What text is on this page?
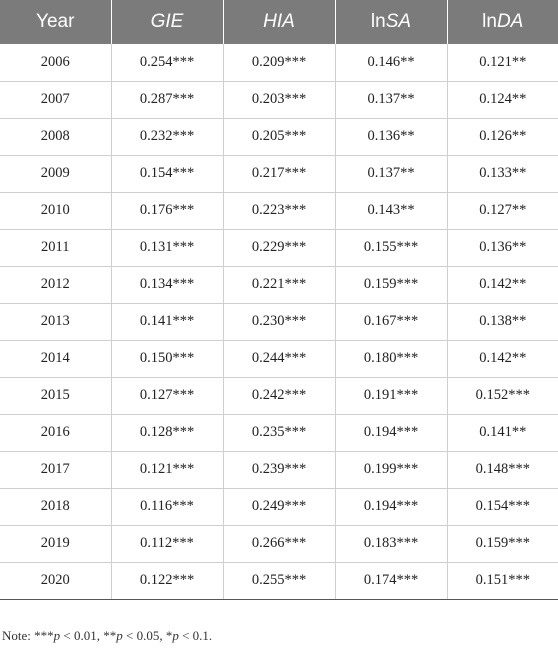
Year	GIE	HIA	lnSA	lnDA
2006	0.254***	0.209***	0.146**	0.121**
2007	0.287***	0.203***	0.137**	0.124**
2008	0.232***	0.205***	0.136**	0.126**
2009	0.154***	0.217***	0.137**	0.133**
2010	0.176***	0.223***	0.143**	0.127**
2011	0.131***	0.229***	0.155***	0.136**
2012	0.134***	0.221***	0.159***	0.142**
2013	0.141***	0.230***	0.167***	0.138**
2014	0.150***	0.244***	0.180***	0.142**
2015	0.127***	0.242***	0.191***	0.152***
2016	0.128***	0.235***	0.194***	0.141**
2017	0.121***	0.239***	0.199***	0.148***
2018	0.116***	0.249***	0.194***	0.154***
2019	0.112***	0.266***	0.183***	0.159***
2020	0.122***	0.255***	0.174***	0.151***
Note: ***p < 0.01, **p < 0.05, *p < 0.1.
